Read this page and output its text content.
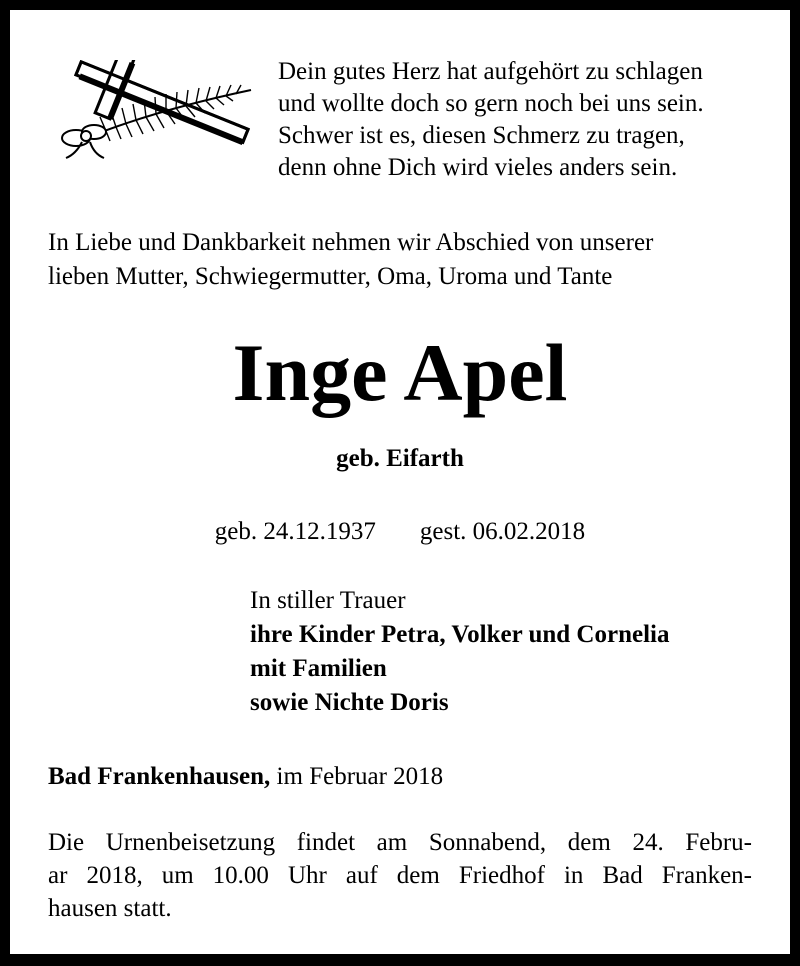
Dein gutes Herz hat aufgehört zu schlagen
und wollte doch so gern noch bei uns sein.
Schwer ist es, diesen Schmerz zu tragen,
denn ohne Dich wird vieles anders sein.
In Liebe und Dankbarkeit nehmen wir Abschied von unserer
lieben Mutter, Schwiegermutter, Oma, Uroma und Tante
Inge Apel
geb. Eifarth
geb. 24.12.1937 gest. 06.02.2018
In stiller Trauer
ihre Kinder Petra, Volker und Cornelia
mit Familien
sowie Nichte Doris
Bad Frankenhausen, im Februar 2018
Die Urnenbeisetzung findet am Sonnabend, dem 24. Febru-
ar 2018, um 10.00 Uhr auf dem Friedhof in Bad Franken-
hausen statt.
